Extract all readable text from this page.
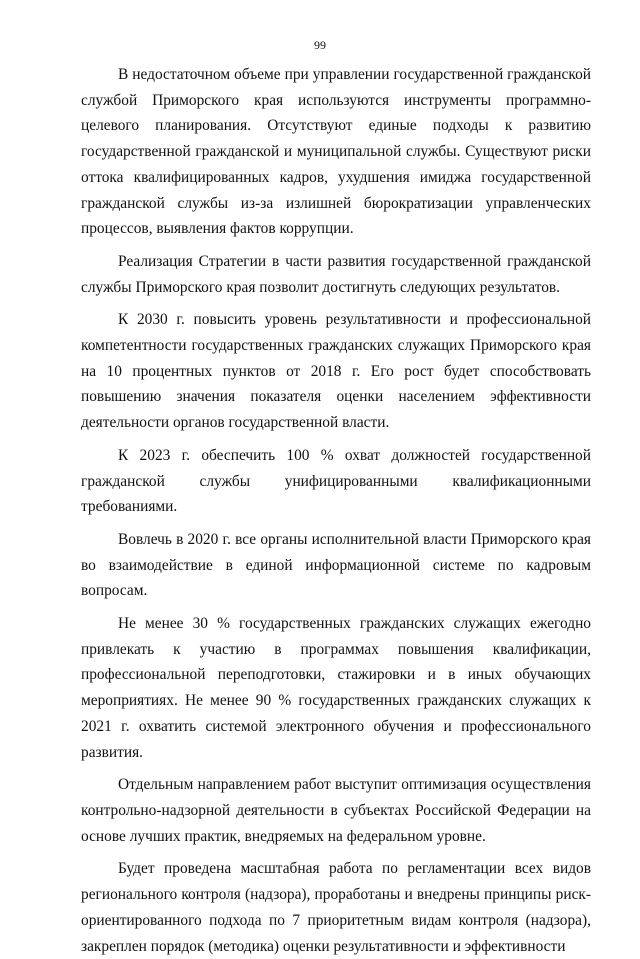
99

В недостаточном объеме при управлении государственной гражданской службой Приморского края используются инструменты программно-целевого планирования. Отсутствуют единые подходы к развитию государственной гражданской и муниципальной службы. Существуют риски оттока квалифицированных кадров, ухудшения имиджа государственной гражданской службы из-за излишней бюрократизации управленческих процессов, выявления фактов коррупции.

Реализация Стратегии в части развития государственной гражданской службы Приморского края позволит достигнуть следующих результатов.

К 2030 г. повысить уровень результативности и профессиональной компетентности государственных гражданских служащих Приморского края на 10 процентных пунктов от 2018 г. Его рост будет способствовать повышению значения показателя оценки населением эффективности деятельности органов государственной власти.

К 2023 г. обеспечить 100 % охват должностей государственной гражданской службы унифицированными квалификационными требованиями.

Вовлечь в 2020 г. все органы исполнительной власти Приморского края во взаимодействие в единой информационной системе по кадровым вопросам.

Не менее 30 % государственных гражданских служащих ежегодно привлекать к участию в программах повышения квалификации, профессиональной переподготовки, стажировки и в иных обучающих мероприятиях. Не менее 90 % государственных гражданских служащих к 2021 г. охватить системой электронного обучения и профессионального развития.

Отдельным направлением работ выступит оптимизация осуществления контрольно-надзорной деятельности в субъектах Российской Федерации на основе лучших практик, внедряемых на федеральном уровне.

Будет проведена масштабная работа по регламентации всех видов регионального контроля (надзора), проработаны и внедрены принципы риск-ориентированного подхода по 7 приоритетным видам контроля (надзора), закреплен порядок (методика) оценки результативности и эффективности
